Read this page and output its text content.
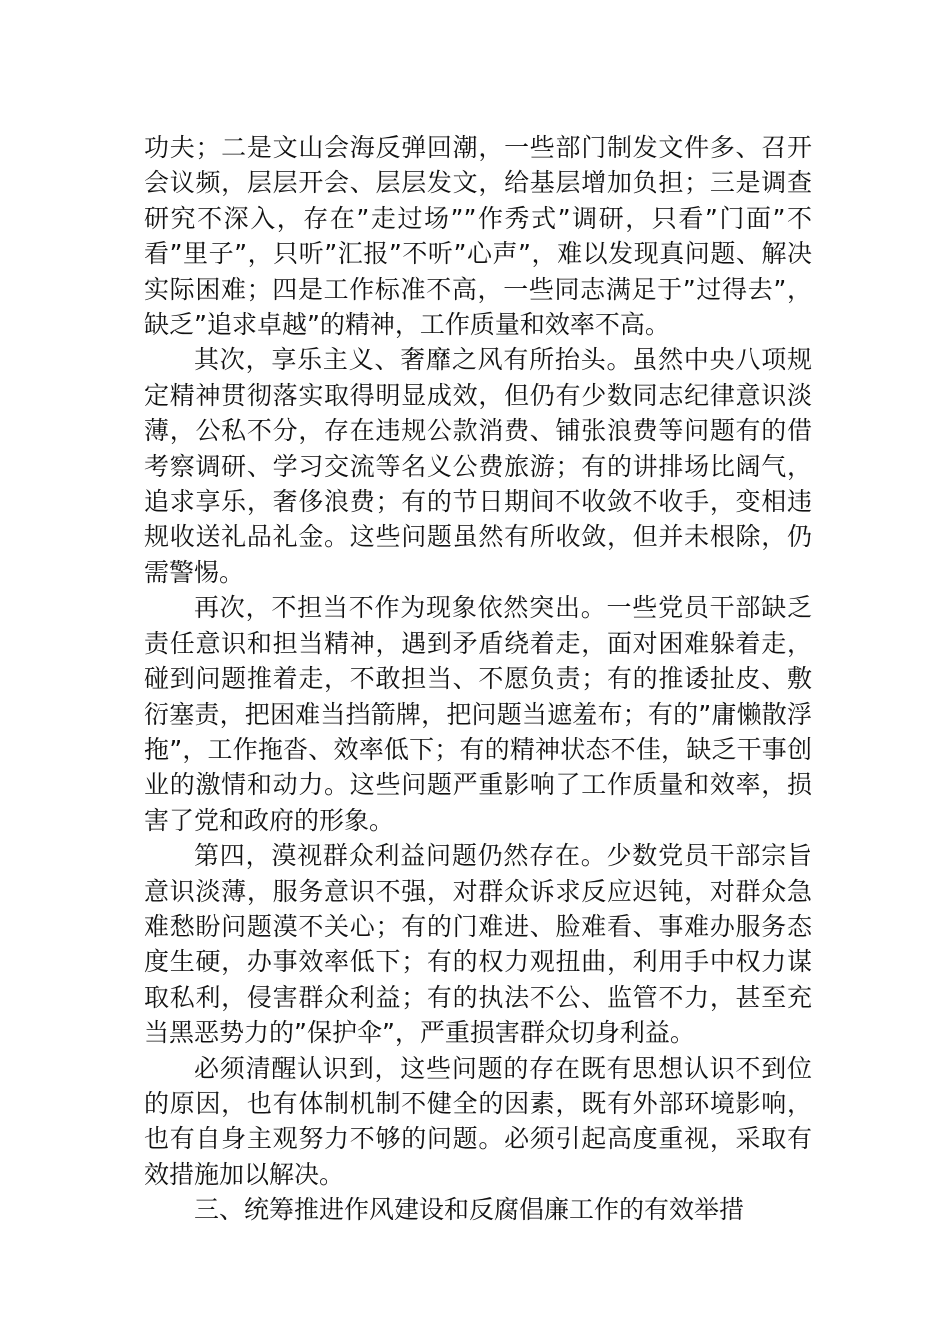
功夫；二是文山会海反弹回潮，一些部门制发文件多、召开会议频，层层开会、层层发文，给基层增加负担；三是调查研究不深入，存在”走过场””作秀式”调研，只看”门面”不看”里子”，只听”汇报”不听”心声”，难以发现真问题、解决实际困难；四是工作标准不高，一些同志满足于”过得去”，缺乏”追求卓越”的精神，工作质量和效率不高。

其次，享乐主义、奢靡之风有所抬头。虽然中央八项规定精神贯彻落实取得明显成效，但仍有少数同志纪律意识淡薄，公私不分，存在违规公款消费、铺张浪费等问题有的借考察调研、学习交流等名义公费旅游；有的讲排场比阔气，追求享乐，奢侈浪费；有的节日期间不收敛不收手，变相违规收送礼品礼金。这些问题虽然有所收敛，但并未根除，仍需警惕。

再次，不担当不作为现象依然突出。一些党员干部缺乏责任意识和担当精神，遇到矛盾绕着走，面对困难躲着走，碰到问题推着走，不敢担当、不愿负责；有的推诿扯皮、敷衍塞责，把困难当挡箭牌，把问题当遮羞布；有的”庸懒散浮拖”，工作拖沓、效率低下；有的精神状态不佳，缺乏干事创业的激情和动力。这些问题严重影响了工作质量和效率，损害了党和政府的形象。

第四，漠视群众利益问题仍然存在。少数党员干部宗旨意识淡薄，服务意识不强，对群众诉求反应迟钝，对群众急难愁盼问题漠不关心；有的门难进、脸难看、事难办服务态度生硬，办事效率低下；有的权力观扭曲，利用手中权力谋取私利，侵害群众利益；有的执法不公、监管不力，甚至充当黑恶势力的”保护伞”，严重损害群众切身利益。

必须清醒认识到，这些问题的存在既有思想认识不到位的原因，也有体制机制不健全的因素，既有外部环境影响，也有自身主观努力不够的问题。必须引起高度重视，采取有效措施加以解决。

三、统筹推进作风建设和反腐倡廉工作的有效举措
